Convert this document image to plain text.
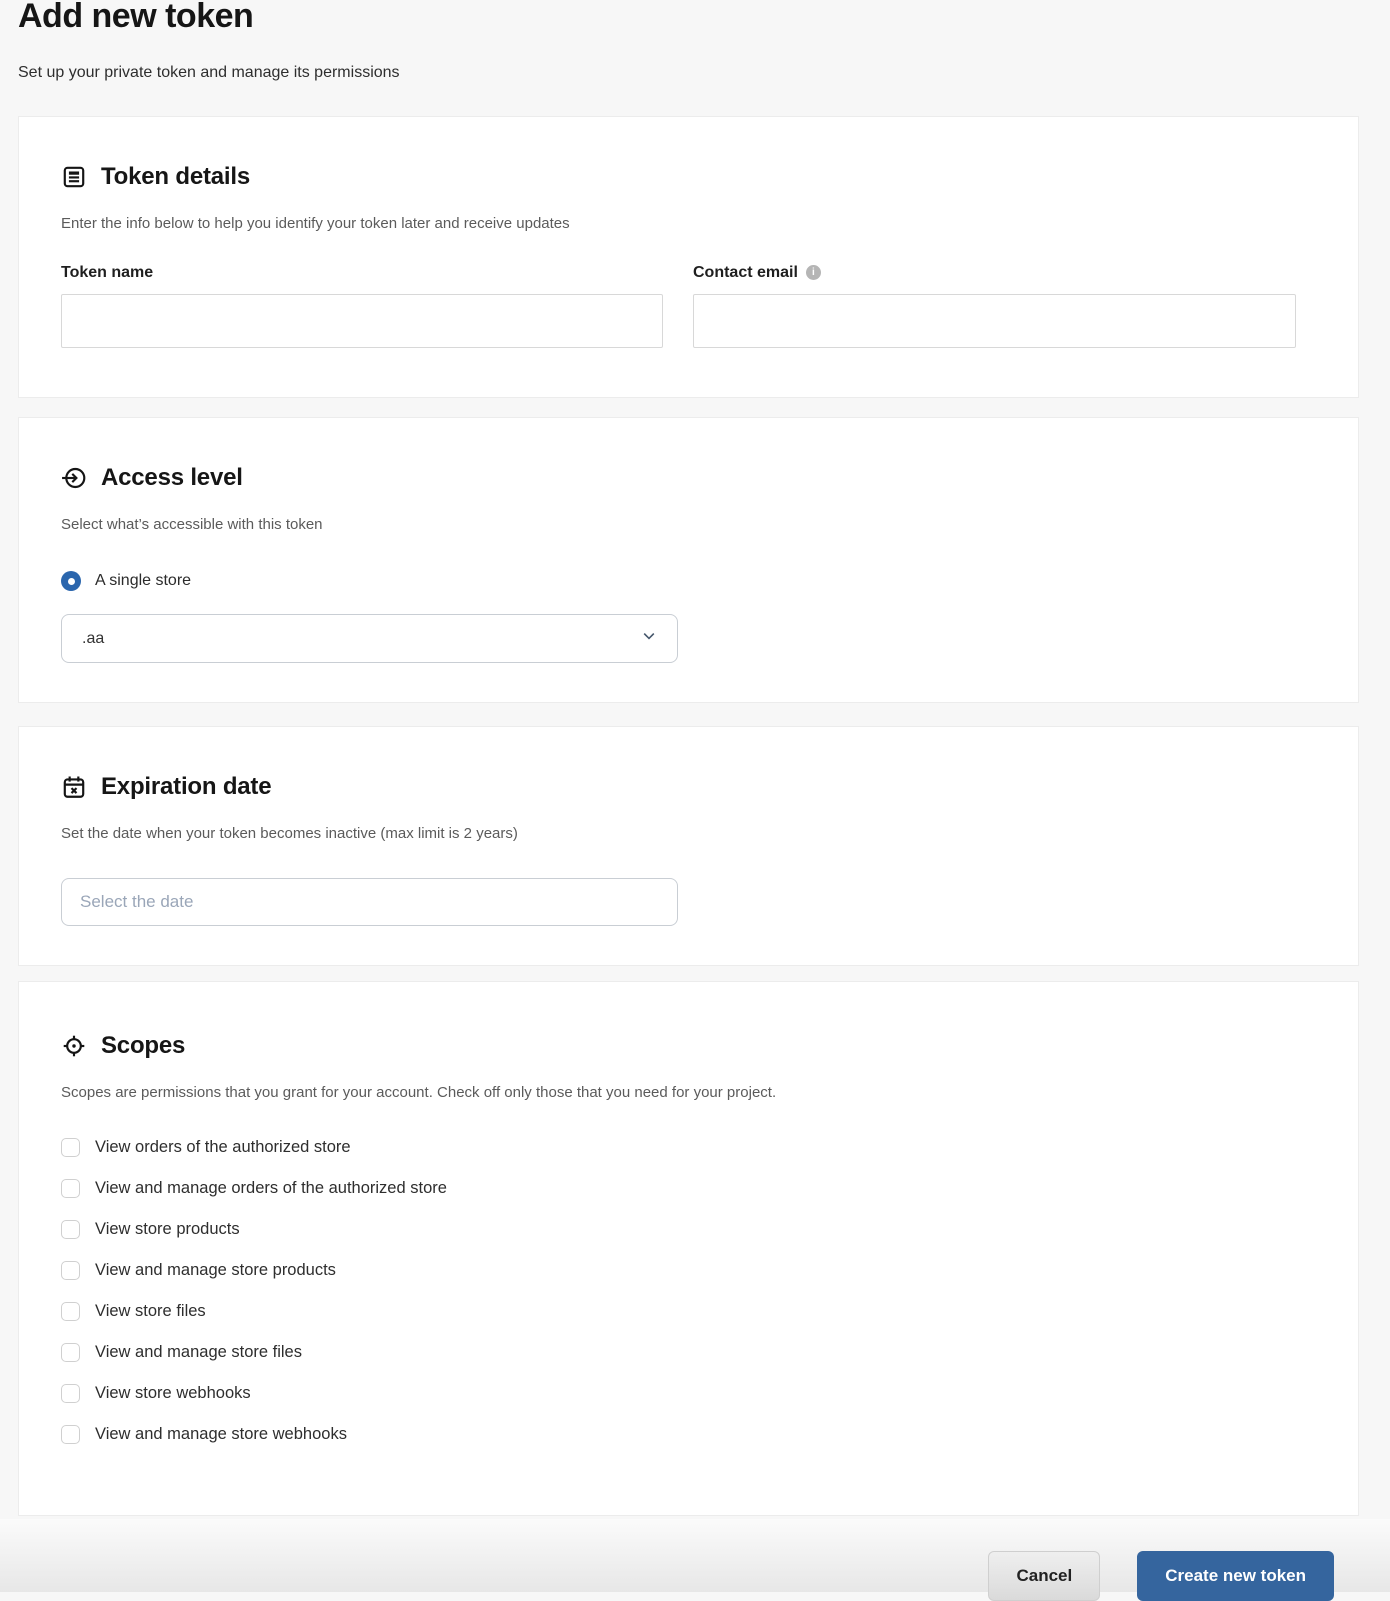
Add new token

Set up your private token and manage its permissions

Token details

Enter the info below to help you identify your token later and receive updates

Token name	Contact email i
Access level

Select what’s accessible with this token

A single store
.aa
Expiration date

Set the date when your token becomes inactive (max limit is 2 years)

Select the date
Scopes

Scopes are permissions that you grant for your account. Check off only those that you need for your project.

View orders of the authorized store
View and manage orders of the authorized store
View store products
View and manage store products
View store files
View and manage store files
View store webhooks
View and manage store webhooks
Cancel	Create new token
